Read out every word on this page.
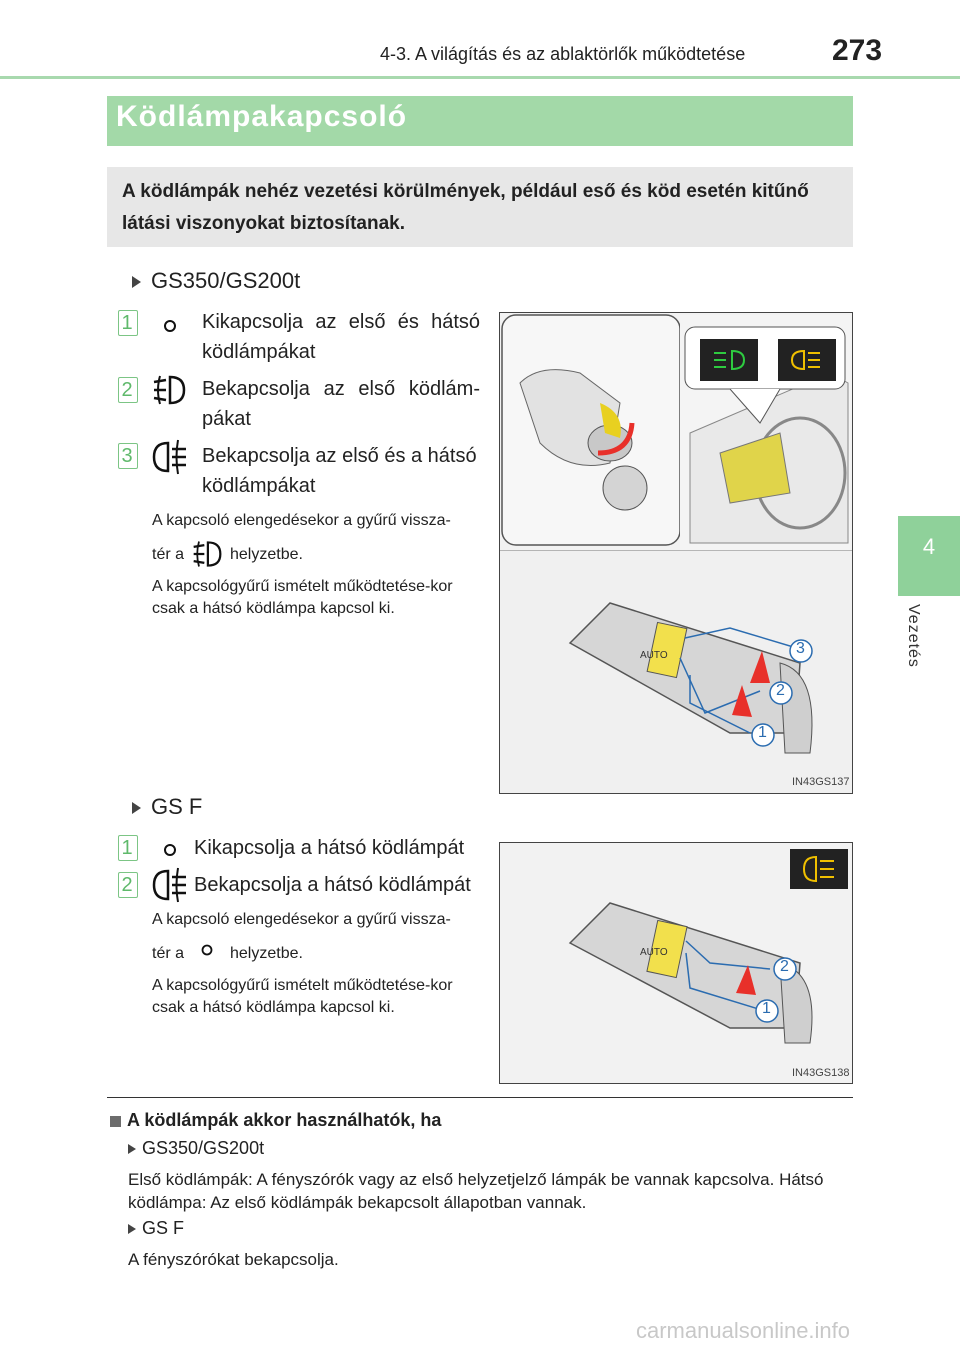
4-3. A világítás és az ablaktörlők működtetése	273
4
Vezetés
Ködlámpakapcsoló
A ködlámpák nehéz vezetési körülmények, például eső és köd esetén kitűnő látási viszonyokat biztosítanak.
GS350/GS200t
1	Kikapcsolja az első és hátsó ködlámpákat
2	Bekapcsolja az első ködlám-pákat
3	Bekapcsolja az első és a hátsó ködlámpákat
A kapcsoló elengedésekor a gyűrű vissza-
tér a	helyzetbe.
A kapcsológyűrű ismételt működtetése-kor csak a hátsó ködlámpa kapcsol ki.
AUTO	3
2
1
IN43GS137
GS F
1	Kikapcsolja a hátsó ködlámpát
2	Bekapcsolja a hátsó ködlámpát
A kapcsoló elengedésekor a gyűrű vissza-
tér a	helyzetbe.
A kapcsológyűrű ismételt működtetése-kor csak a hátsó ködlámpa kapcsol ki.
AUTO
2
1
IN43GS138
A ködlámpák akkor használhatók, ha
GS350/GS200t
Első ködlámpák: A fényszórók vagy az első helyzetjelző lámpák be vannak kapcsolva. Hátsó ködlámpa: Az első ködlámpák bekapcsolt állapotban vannak.
GS F
A fényszórókat bekapcsolja.
carmanualsonline.info
